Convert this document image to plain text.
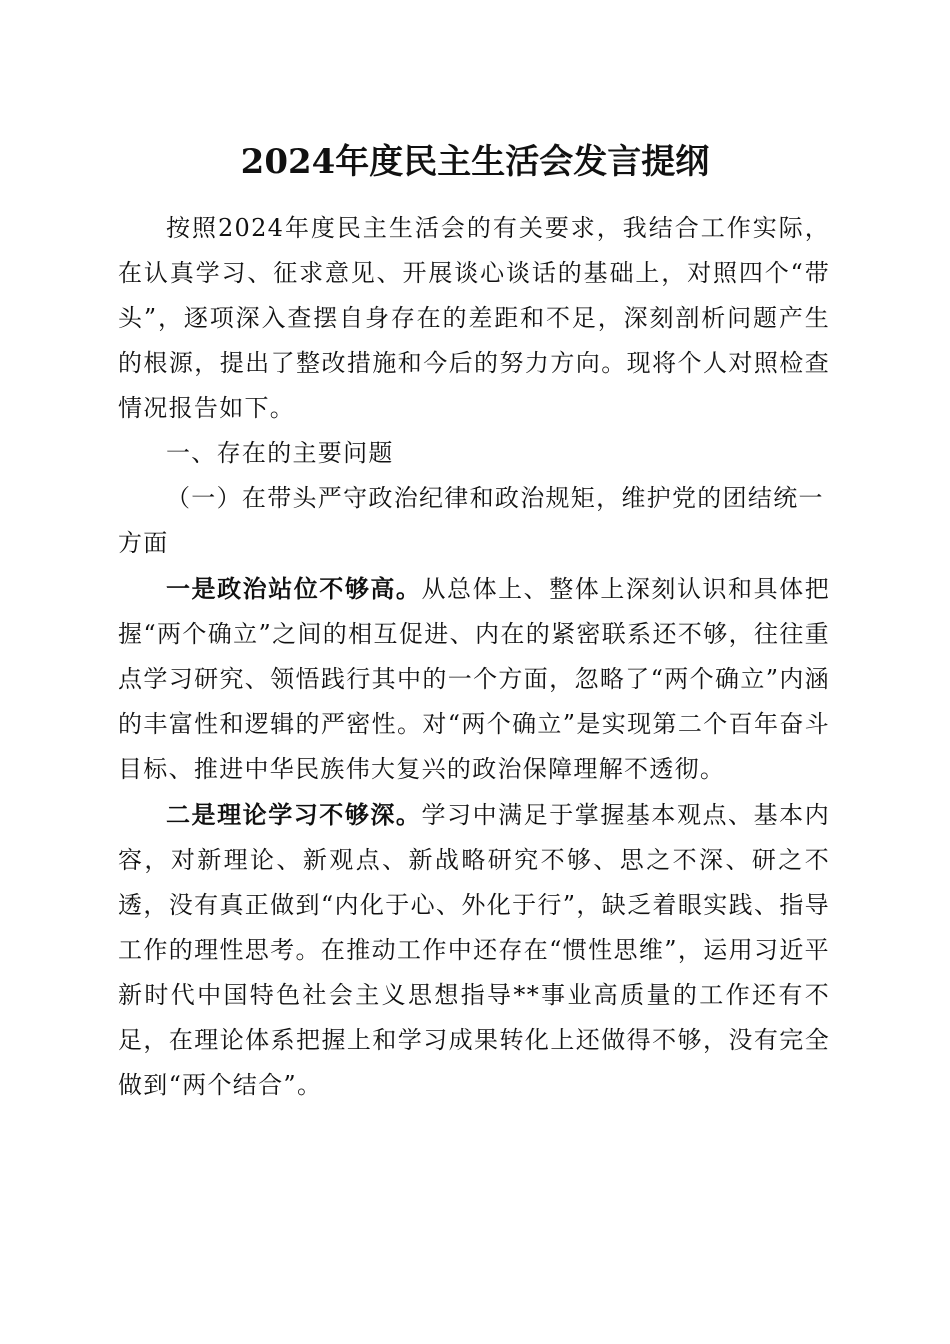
2024年度民主生活会发言提纲

按照2024年度民主生活会的有关要求，我结合工作实际，在认真学习、征求意见、开展谈心谈话的基础上，对照四个“带头”，逐项深入查摆自身存在的差距和不足，深刻剖析问题产生的根源，提出了整改措施和今后的努力方向。现将个人对照检查情况报告如下。

一、存在的主要问题

（一）在带头严守政治纪律和政治规矩，维护党的团结统一方面

一是政治站位不够高。从总体上、整体上深刻认识和具体把握“两个确立”之间的相互促进、内在的紧密联系还不够，往往重点学习研究、领悟践行其中的一个方面，忽略了“两个确立”内涵的丰富性和逻辑的严密性。对“两个确立”是实现第二个百年奋斗目标、推进中华民族伟大复兴的政治保障理解不透彻。

二是理论学习不够深。学习中满足于掌握基本观点、基本内容，对新理论、新观点、新战略研究不够、思之不深、研之不透，没有真正做到“内化于心、外化于行”，缺乏着眼实践、指导工作的理性思考。在推动工作中还存在“惯性思维”，运用习近平新时代中国特色社会主义思想指导**事业高质量的工作还有不足，在理论体系把握上和学习成果转化上还做得不够，没有完全做到“两个结合”。
